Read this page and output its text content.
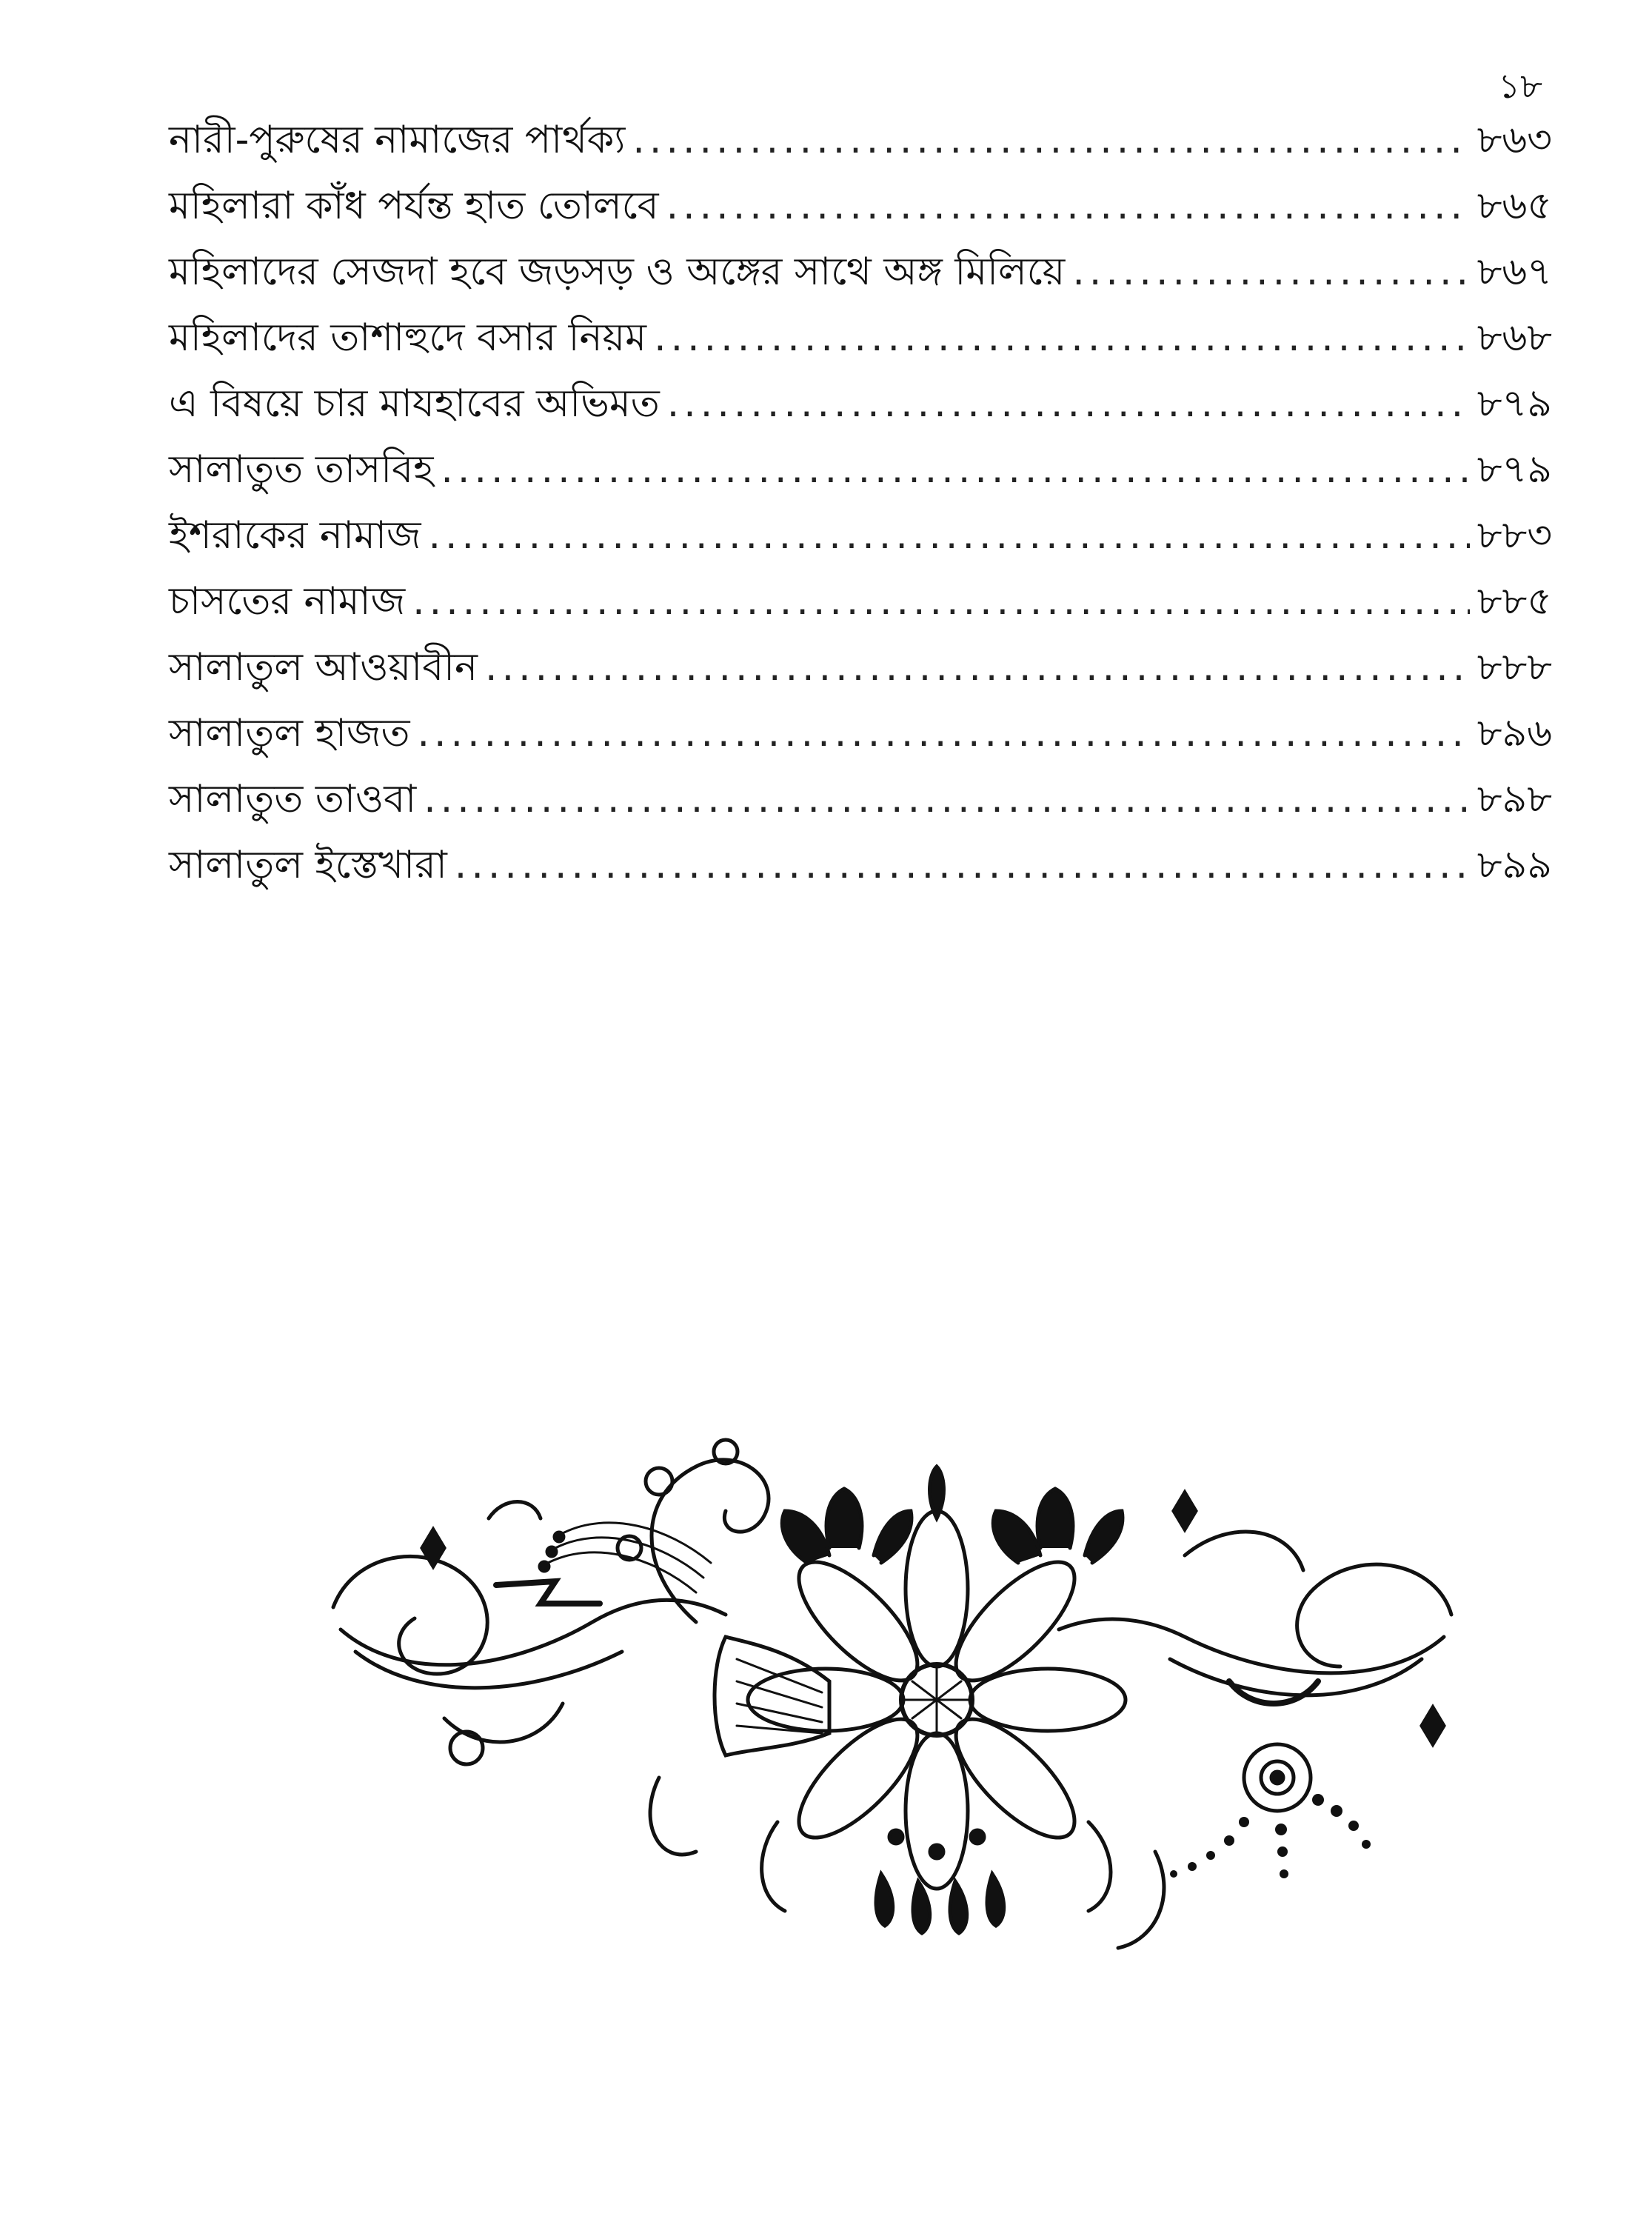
১৮
নারী-পুরুষের নামাজের পার্থক্য .....	৮৬৩
মহিলারা কাঁধ পর্যন্ত হাত তোলবে .....	৮৬৫
মহিলাদের সেজদা হবে জড়সড় ও অঙ্গের সাথে অঙ্গ মিলিয়ে .....	৮৬৭
মহিলাদের তাশাহুদে বসার নিয়ম .....	৮৬৮
এ বিষয়ে চার মাযহাবের অভিমত .....	৮৭৯
সালাতুত তাসবিহ .....	৮৭৯
ইশরাকের নামাজ .....	৮৮৩
চাসতের নামাজ .....	৮৮৫
সালাতুল আওয়াবীন .....	৮৮৮
সালাতুল হাজত .....	৮৯৬
সালাতুত তাওবা .....	৮৯৮
সালাতুল ইস্তেখারা .....	৮৯৯
